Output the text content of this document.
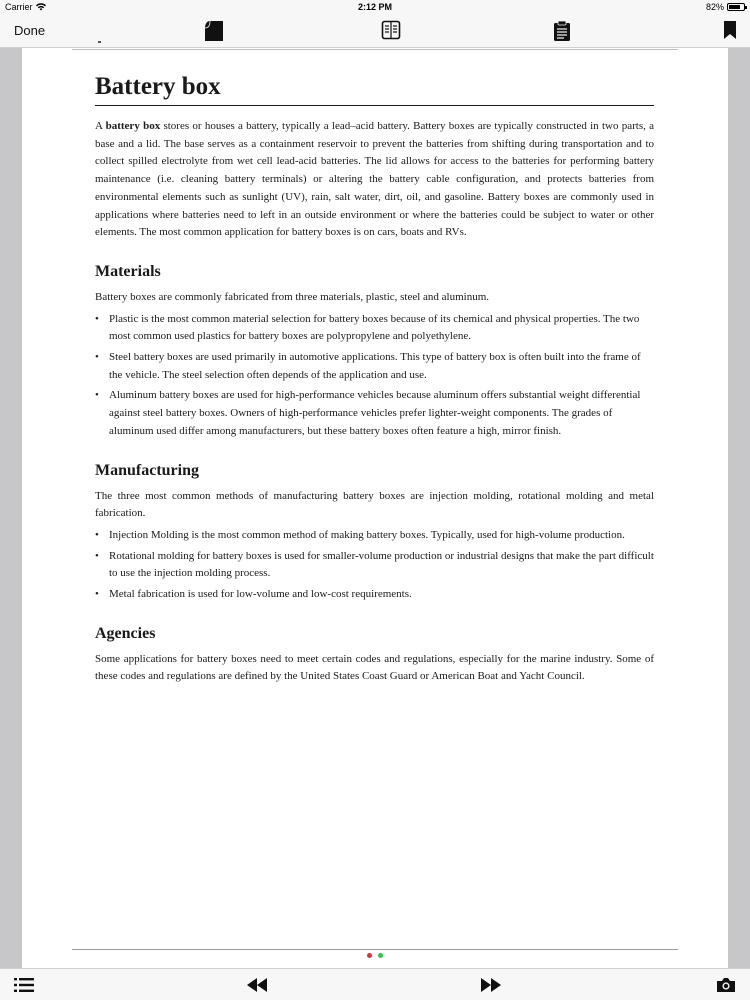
Carrier	2:12 PM	82%
Done
Battery box

A battery box stores or houses a battery, typically a lead–acid battery. Battery boxes are typically constructed in two parts, a base and a lid. The base serves as a containment reservoir to prevent the batteries from shifting during transportation and to collect spilled electrolyte from wet cell lead-acid batteries. The lid allows for access to the batteries for performing battery maintenance (i.e. cleaning battery terminals) or altering the battery cable configuration, and protects batteries from environmental elements such as sunlight (UV), rain, salt water, dirt, oil, and gasoline. Battery boxes are commonly used in applications where batteries need to left in an outside environment or where the batteries could be subject to water or other elements. The most common application for battery boxes is on cars, boats and RVs.

Materials

Battery boxes are commonly fabricated from three materials, plastic, steel and aluminum.

• Plastic is the most common material selection for battery boxes because of its chemical and physical properties. The two most common used plastics for battery boxes are polypropylene and polyethylene.
• Steel battery boxes are used primarily in automotive applications. This type of battery box is often built into the frame of the vehicle. The steel selection often depends of the application and use.
• Aluminum battery boxes are used for high-performance vehicles because aluminum offers substantial weight differential against steel battery boxes. Owners of high-performance vehicles prefer lighter-weight components. The grades of aluminum used differ among manufacturers, but these battery boxes often feature a high, mirror finish.
Manufacturing

The three most common methods of manufacturing battery boxes are injection molding, rotational molding and metal fabrication.

• Injection Molding is the most common method of making battery boxes. Typically, used for high-volume production.
• Rotational molding for battery boxes is used for smaller-volume production or industrial designs that make the part difficult to use the injection molding process.
• Metal fabrication is used for low-volume and low-cost requirements.
Agencies

Some applications for battery boxes need to meet certain codes and regulations, especially for the marine industry. Some of these codes and regulations are defined by the United States Coast Guard or American Boat and Yacht Council.
